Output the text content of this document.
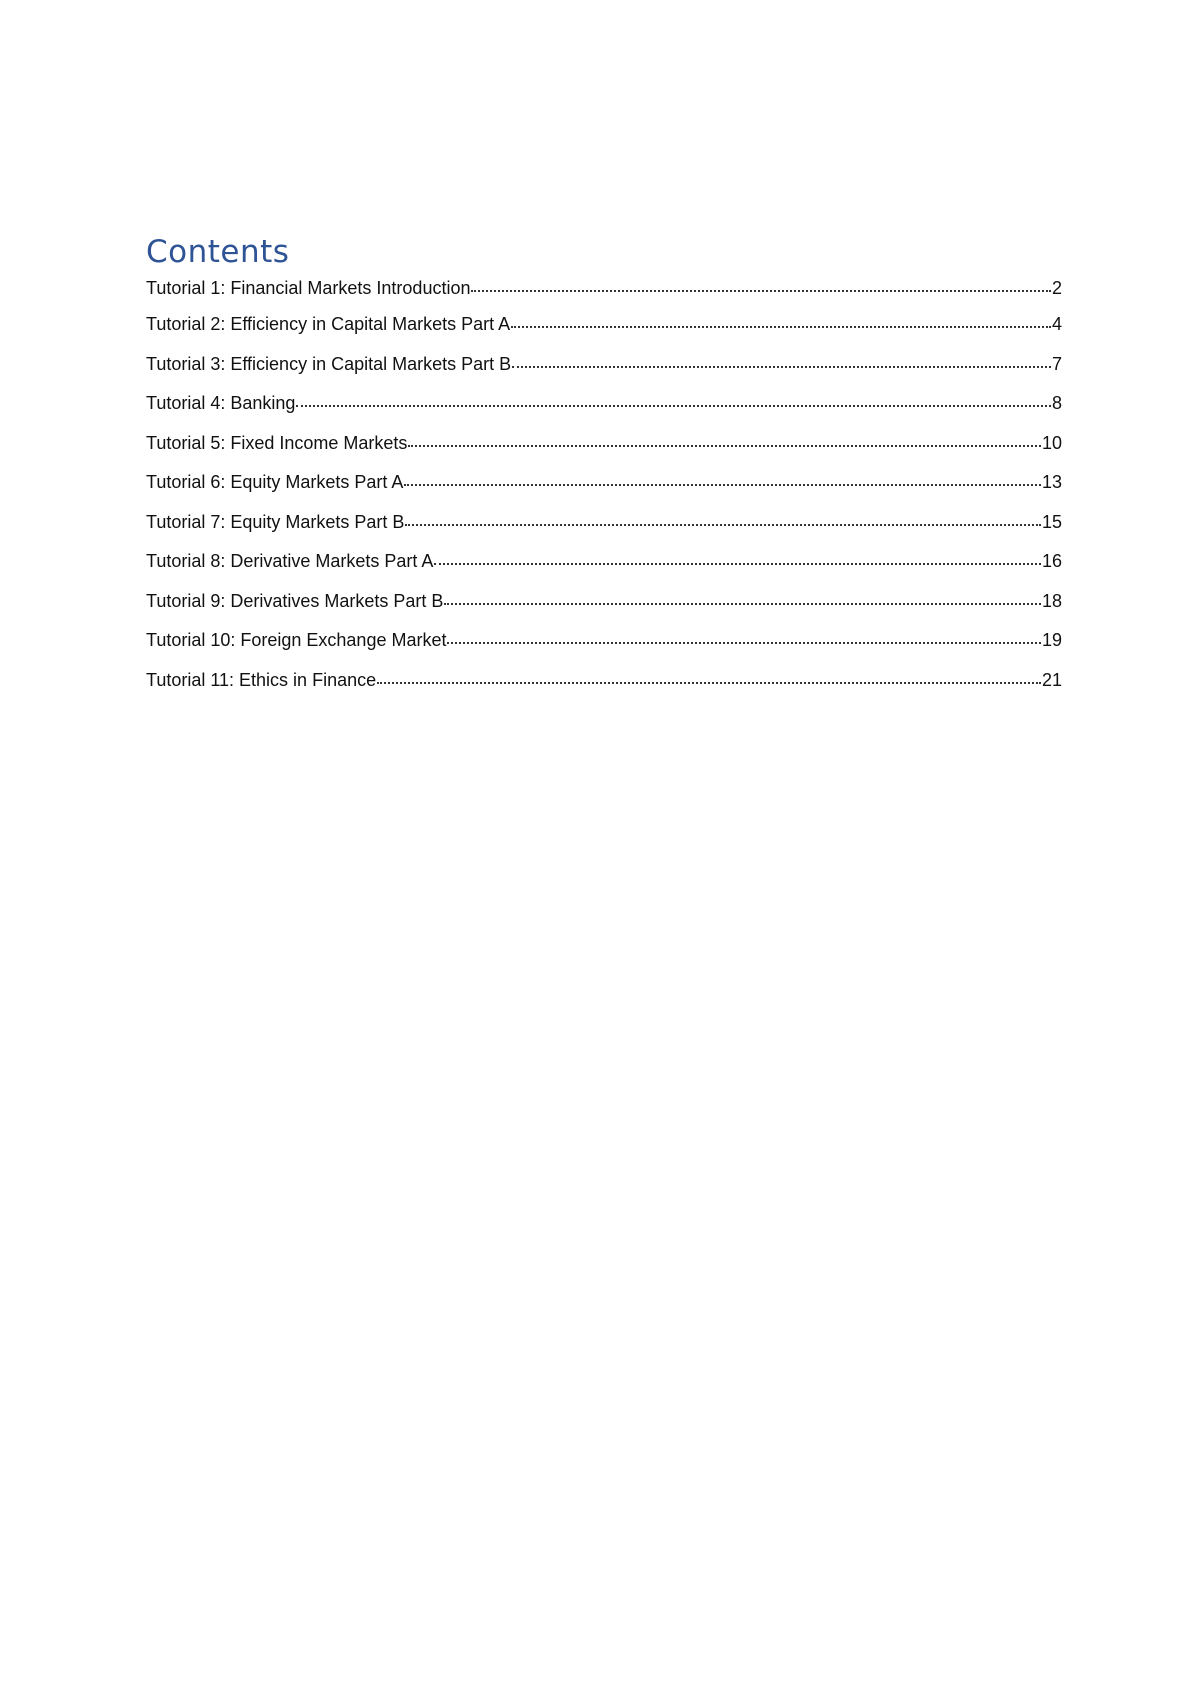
Contents
Tutorial 1: Financial Markets Introduction	2
Tutorial 2: Efficiency in Capital Markets Part A	4
Tutorial 3: Efficiency in Capital Markets Part B	7
Tutorial 4: Banking	8
Tutorial 5: Fixed Income Markets	10
Tutorial 6: Equity Markets Part A	13
Tutorial 7: Equity Markets Part B	15
Tutorial 8: Derivative Markets Part A	16
Tutorial 9: Derivatives Markets Part B	18
Tutorial 10: Foreign Exchange Market	19
Tutorial 11: Ethics in Finance	21
